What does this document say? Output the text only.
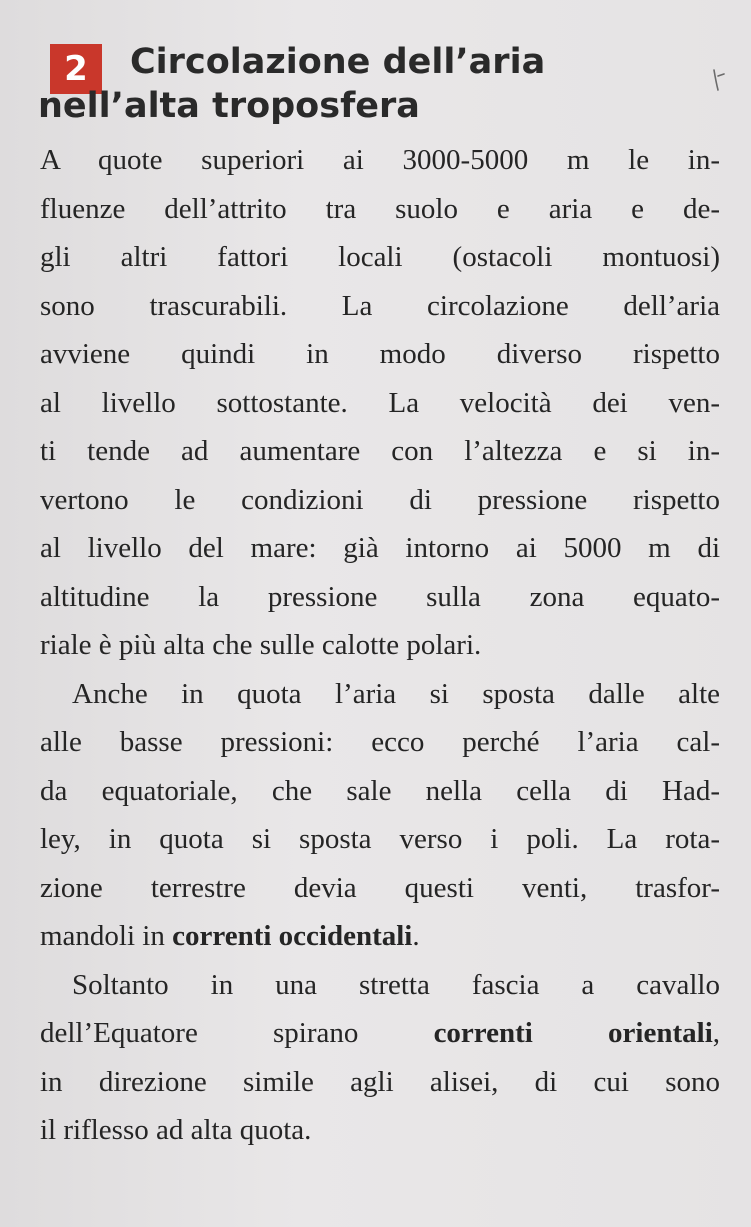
2	Circolazione dell’aria
nell’alta troposfera
A quote superiori ai 3000-5000 m le in-
fluenze dell’attrito tra suolo e aria e de-
gli altri fattori locali (ostacoli montuosi)
sono trascurabili. La circolazione dell’aria
avviene quindi in modo diverso rispetto
al livello sottostante. La velocità dei ven-
ti tende ad aumentare con l’altezza e si in-
vertono le condizioni di pressione rispetto
al livello del mare: già intorno ai 5000 m di
altitudine la pressione sulla zona equato-
riale è più alta che sulle calotte polari.
Anche in quota l’aria si sposta dalle alte
alle basse pressioni: ecco perché l’aria cal-
da equatoriale, che sale nella cella di Had-
ley, in quota si sposta verso i poli. La rota-
zione terrestre devia questi venti, trasfor-
mandoli in correnti occidentali.
Soltanto in una stretta fascia a cavallo
dell’Equatore spirano correnti orientali,
in direzione simile agli alisei, di cui sono
il riflesso ad alta quota.
